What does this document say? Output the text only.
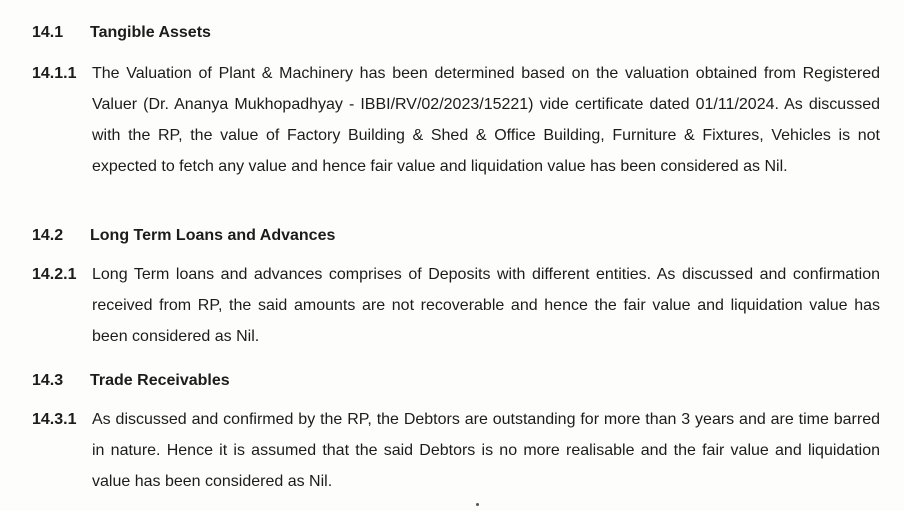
14.1 Tangible Assets
14.1.1 The Valuation of Plant & Machinery has been determined based on the valuation obtained from Registered Valuer (Dr. Ananya Mukhopadhyay - IBBI/RV/02/2023/15221) vide certificate dated 01/11/2024. As discussed with the RP, the value of Factory Building & Shed & Office Building, Furniture & Fixtures, Vehicles is not expected to fetch any value and hence fair value and liquidation value has been considered as Nil.
14.2 Long Term Loans and Advances
14.2.1 Long Term loans and advances comprises of Deposits with different entities. As discussed and confirmation received from RP, the said amounts are not recoverable and hence the fair value and liquidation value has been considered as Nil.
14.3 Trade Receivables
14.3.1 As discussed and confirmed by the RP, the Debtors are outstanding for more than 3 years and are time barred in nature. Hence it is assumed that the said Debtors is no more realisable and the fair value and liquidation value has been considered as Nil.
